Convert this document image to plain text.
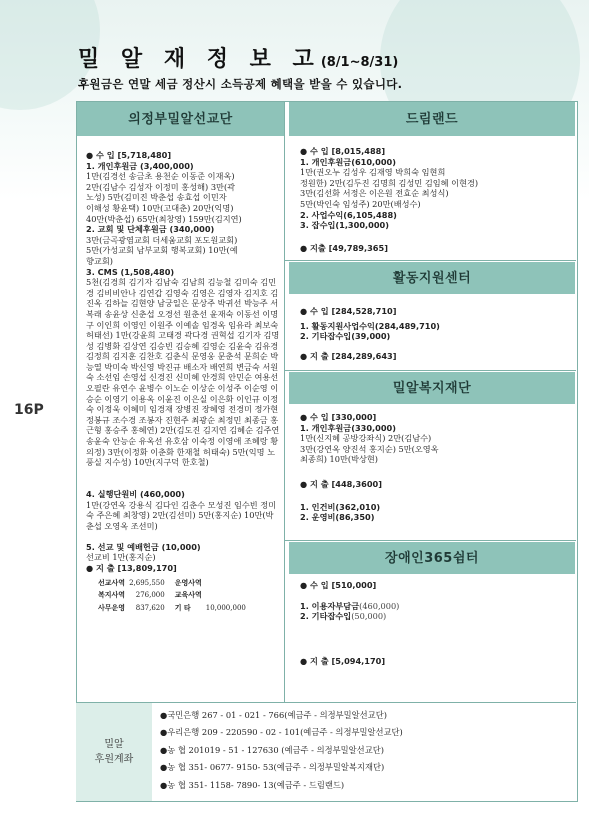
16P
밀 알 재 정 보 고(8/1~8/31)
후원금은 연말 세금 정산시 소득공제 혜택을 받을 수 있습니다.
의정부밀알선교단
● 수 입 [5,718,480]
1. 개인후원금 (3,400,000)
1만(김경선 송금초 용천순 이동준 이재옥)
2만(김남수 김성자 이정미 홍성해) 3만(곽
노성) 5만(김미진 박춘섭 송효섭 이민자
이해성 황윤택) 10만(고대춘) 20만(익명)
40만(박춘섭) 65만(최창영) 159만(김지연)
2. 교회 및 단체후원금 (340,000)
3만(금곡광염교회 더세움교회 포도원교회)
5만(가성교회 남부교회 행복교회) 10만(예
향교회)
3. CMS (1,508,480)
5천(김경희 김기자 김남숙 김남희 김능철 김미숙 김민경 김비비안나 김연갑 김영숙 김영은 김영자 김지호 김진옥 김하늘 김현양 남궁일은 문상주 박귀선 박능주 서복래 송윤상 신춘섭 오경선 원춘선 윤재숙 이동선 이명구 이인희 이영인 이원주 이예솔 임경옥 임유라 최보숙 허태선) 1만(강윤희 고태경 곽다경 권혁섭 김기자 김명성 김병화 김상연 김승빈 김승혜 김영순 김윤숙 김유경 김정희 김지훈 김찬호 김춘식 문영웅 문춘석 문희순 박능열 박미숙 박신영 박진규 배소자 배연희 변금숙 서원숙 소선임 손영섭 신경진 신미혜 안경희 안민순 여용선 오필란 유연수 윤병수 이노순 이상순 이성주 이순영 이승순 이영기 이용옥 이윤진 이은실 이은화 이인규 이정숙 이정욱 이혜미 임경재 장병진 장혜영 전경미 정가현 정봉규 조수경 조봉자 진현주 최광순 최정민 최종금 홍근형 홍승주 홍혜연) 2만(김도진 김지연 김혜순 김주연 송윤숙 안능순 유옥선 유호삼 이숙정 이영애 조혜랑 황의정) 3만(이정화 이춘화 한재철 허태숙) 5만(익명 노풍실 지수성) 10만(지구덕 한호철)
4. 실행단원비 (460,000)
1만(강연옥 강용식 김다인 김춘수 모성진 임수빈 정미숙 주은혜 최창영) 2만(김선미) 5만(홍지순) 10만(박춘섭 오영옥 조선미)
5. 선교 및 예배헌금 (10,000)
선교비 1만(홍지순)
● 지 출 [13,809,170]
선교사역	2,695,550	운영사역	
복지사역	276,000	교육사역	
사무운영	837,620	기 타	10,000,000
드림랜드
● 수 입 [8,015,488]
1. 개인후원금(610,000)
1만(권오누 김성우 김재영 박희숙 임현희
정원한) 2만(김두진 김명희 김성민 김임혜 이현경)
3만(김선화 서정은 이은원 전효순 최성식)
5만(박인숙 임성주) 20만(배성수)
2. 사업수익(6,105,488)
3. 잡수입(1,300,000)
● 지출 [49,789,365]
활동지원센터
● 수 입 [284,528,710]
1. 활동지원사업수익(284,489,710)
2. 기타잡수입(39,000)
● 지 출 [284,289,643]
밀알복지재단
● 수 입 [330,000]
1. 개인후원금(330,000)
1만(신지혜 공방강좌식) 2만(김남수)
3만(강연옥 양진석 홍지순) 5만(오영옥
최종희) 10만(박상현)
● 지 출 [448,3600]
1. 인건비(362,010)
2. 운영비(86,350)
장애인365쉼터
● 수 입 [510,000]
1. 이용자부담금(460,000)
2. 기타잡수입(50,000)
● 지 출 [5,094,170]
밀알
후원계좌
●국민은행 267 - 01 - 021 - 766(예금주 - 의정부밀알선교단)
●우리은행 209 - 220590 - 02 - 101(예금주 - 의정부밀알선교단)
●농 협 201019 - 51 - 127630 (예금주 - 의정부밀알선교단)
●농 협 351- 0677- 9150- 53(예금주 - 의정부밀알복지재단)
●농 협 351- 1158- 7890- 13(예금주 - 드림랜드)
